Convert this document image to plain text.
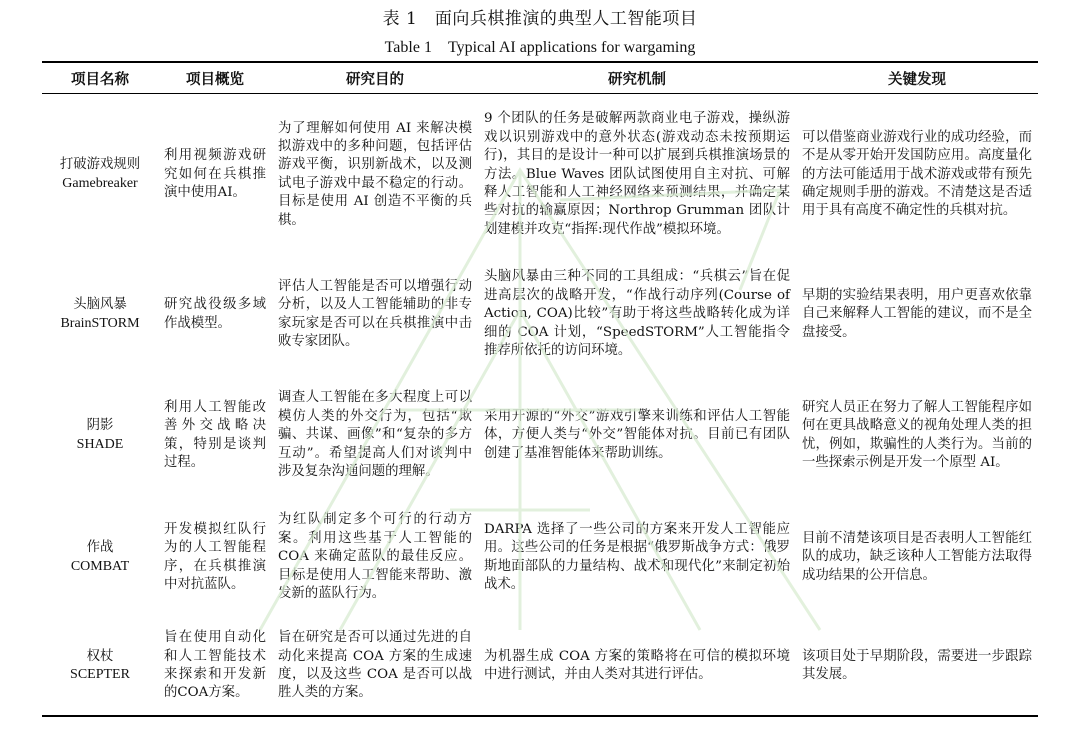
表 1　面向兵棋推演的典型人工智能项目
Table 1　Typical AI applications for wargaming
项目名称	项目概览	研究目的	研究机制	关键发现

打破游戏规则
Gamebreaker	利用视频游戏研究如何在兵棋推演中使用AI。	为了理解如何使用 AI 来解决模拟游戏中的多种问题，包括评估游戏平衡，识别新战术，以及测试电子游戏中最不稳定的行动。目标是使用 AI 创造不平衡的兵棋。	9 个团队的任务是破解两款商业电子游戏，操纵游戏以识别游戏中的意外状态(游戏动态未按预期运行)，其目的是设计一种可以扩展到兵棋推演场景的方法。Blue Waves 团队试图使用自主对抗、可解释人工智能和人工神经网络来预测结果，并确定某些对抗的输赢原因；Northrop Grumman 团队计划建模并攻克“指挥:现代作战”模拟环境。	可以借鉴商业游戏行业的成功经验，而不是从零开始开发国防应用。高度量化的方法可能适用于战术游戏或带有预先确定规则手册的游戏。不清楚这是否适用于具有高度不确定性的兵棋对抗。

头脑风暴
BrainSTORM	研究战役级多域作战模型。	评估人工智能是否可以增强行动分析，以及人工智能辅助的非专家玩家是否可以在兵棋推演中击败专家团队。	头脑风暴由三种不同的工具组成：“兵棋云”旨在促进高层次的战略开发，“作战行动序列(Course of Action, COA)比较”有助于将这些战略转化成为详细的 COA 计划，“SpeedSTORM”人工智能指令推荐所依托的访问环境。	早期的实验结果表明，用户更喜欢依靠自己来解释人工智能的建议，而不是全盘接受。

阴影
SHADE	利用人工智能改善外交战略决策，特别是谈判过程。	调查人工智能在多大程度上可以模仿人类的外交行为，包括“欺骗、共谋、画像”和“复杂的多方互动”。希望提高人们对谈判中涉及复杂沟通问题的理解。	采用开源的“外交”游戏引擎来训练和评估人工智能体，方便人类与“外交”智能体对抗。目前已有团队创建了基准智能体来帮助训练。	研究人员正在努力了解人工智能程序如何在更具战略意义的视角处理人类的担忧，例如，欺骗性的人类行为。当前的一些探索示例是开发一个原型 AI。

作战
COMBAT	开发模拟红队行为的人工智能程序，在兵棋推演中对抗蓝队。	为红队制定多个可行的行动方案。利用这些基于人工智能的 COA 来确定蓝队的最佳反应。目标是使用人工智能来帮助、激发新的蓝队行为。	DARPA 选择了一些公司的方案来开发人工智能应用。这些公司的任务是根据“俄罗斯战争方式：俄罗斯地面部队的力量结构、战术和现代化”来制定初始战术。	目前不清楚该项目是否表明人工智能红队的成功，缺乏该种人工智能方法取得成功结果的公开信息。

权杖
SCEPTER	旨在使用自动化和人工智能技术来探索和开发新的COA方案。	旨在研究是否可以通过先进的自动化来提高 COA 方案的生成速度，以及这些 COA 是否可以战胜人类的方案。	为机器生成 COA 方案的策略将在可信的模拟环境中进行测试，并由人类对其进行评估。	该项目处于早期阶段，需要进一步跟踪其发展。
